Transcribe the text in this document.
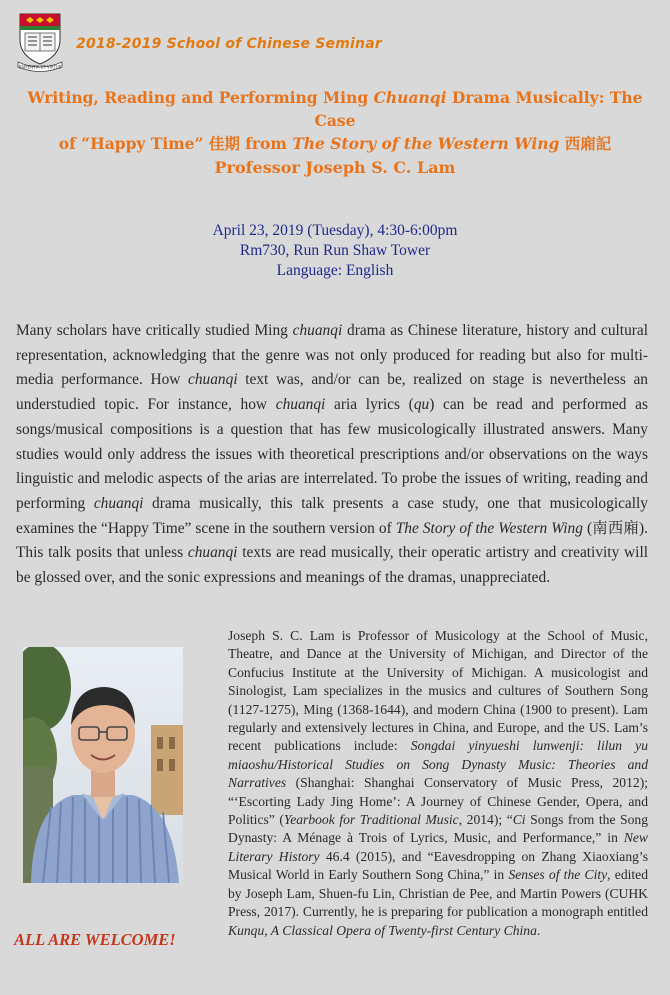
SAPIENTIA ET VIRTUS
2018-2019 School of Chinese Seminar
Writing, Reading and Performing Ming Chuanqi Drama Musically: The Case
of “Happy Time” 佳期 from The Story of the Western Wing 西廂記
Professor Joseph S. C. Lam
April 23, 2019 (Tuesday), 4:30-6:00pm
Rm730, Run Run Shaw Tower
Language: English
Many scholars have critically studied Ming chuanqi drama as Chinese literature, history and cultural representation, acknowledging that the genre was not only produced for reading but also for multi-media performance. How chuanqi text was, and/or can be, realized on stage is nevertheless an understudied topic. For instance, how chuanqi aria lyrics (qu) can be read and performed as songs/musical compositions is a question that has few musicologically illustrated answers. Many studies would only address the issues with theoretical prescriptions and/or observations on the ways linguistic and melodic aspects of the arias are interrelated. To probe the issues of writing, reading and performing chuanqi drama musically, this talk presents a case study, one that musicologically examines the “Happy Time” scene in the southern version of The Story of the Western Wing (南西廂). This talk posits that unless chuanqi texts are read musically, their operatic artistry and creativity will be glossed over, and the sonic expressions and meanings of the dramas, unappreciated.
ALL ARE WELCOME!
Joseph S. C. Lam is Professor of Musicology at the School of Music, Theatre, and Dance at the University of Michigan, and Director of the Confucius Institute at the University of Michigan. A musicologist and Sinologist, Lam specializes in the musics and cultures of Southern Song (1127-1275), Ming (1368-1644), and modern China (1900 to present). Lam regularly and extensively lectures in China, and Europe, and the US. Lam’s recent publications include: Songdai yinyueshi lunwenji: lilun yu miaoshu/Historical Studies on Song Dynasty Music: Theories and Narratives (Shanghai: Shanghai Conservatory of Music Press, 2012); “‘Escorting Lady Jing Home’: A Journey of Chinese Gender, Opera, and Politics” (Yearbook for Traditional Music, 2014); “Ci Songs from the Song Dynasty: A Ménage à Trois of Lyrics, Music, and Performance,” in New Literary History 46.4 (2015), and “Eavesdropping on Zhang Xiaoxiang’s Musical World in Early Southern Song China,” in Senses of the City, edited by Joseph Lam, Shuen-fu Lin, Christian de Pee, and Martin Powers (CUHK Press, 2017). Currently, he is preparing for publication a monograph entitled Kunqu, A Classical Opera of Twenty-first Century China.
